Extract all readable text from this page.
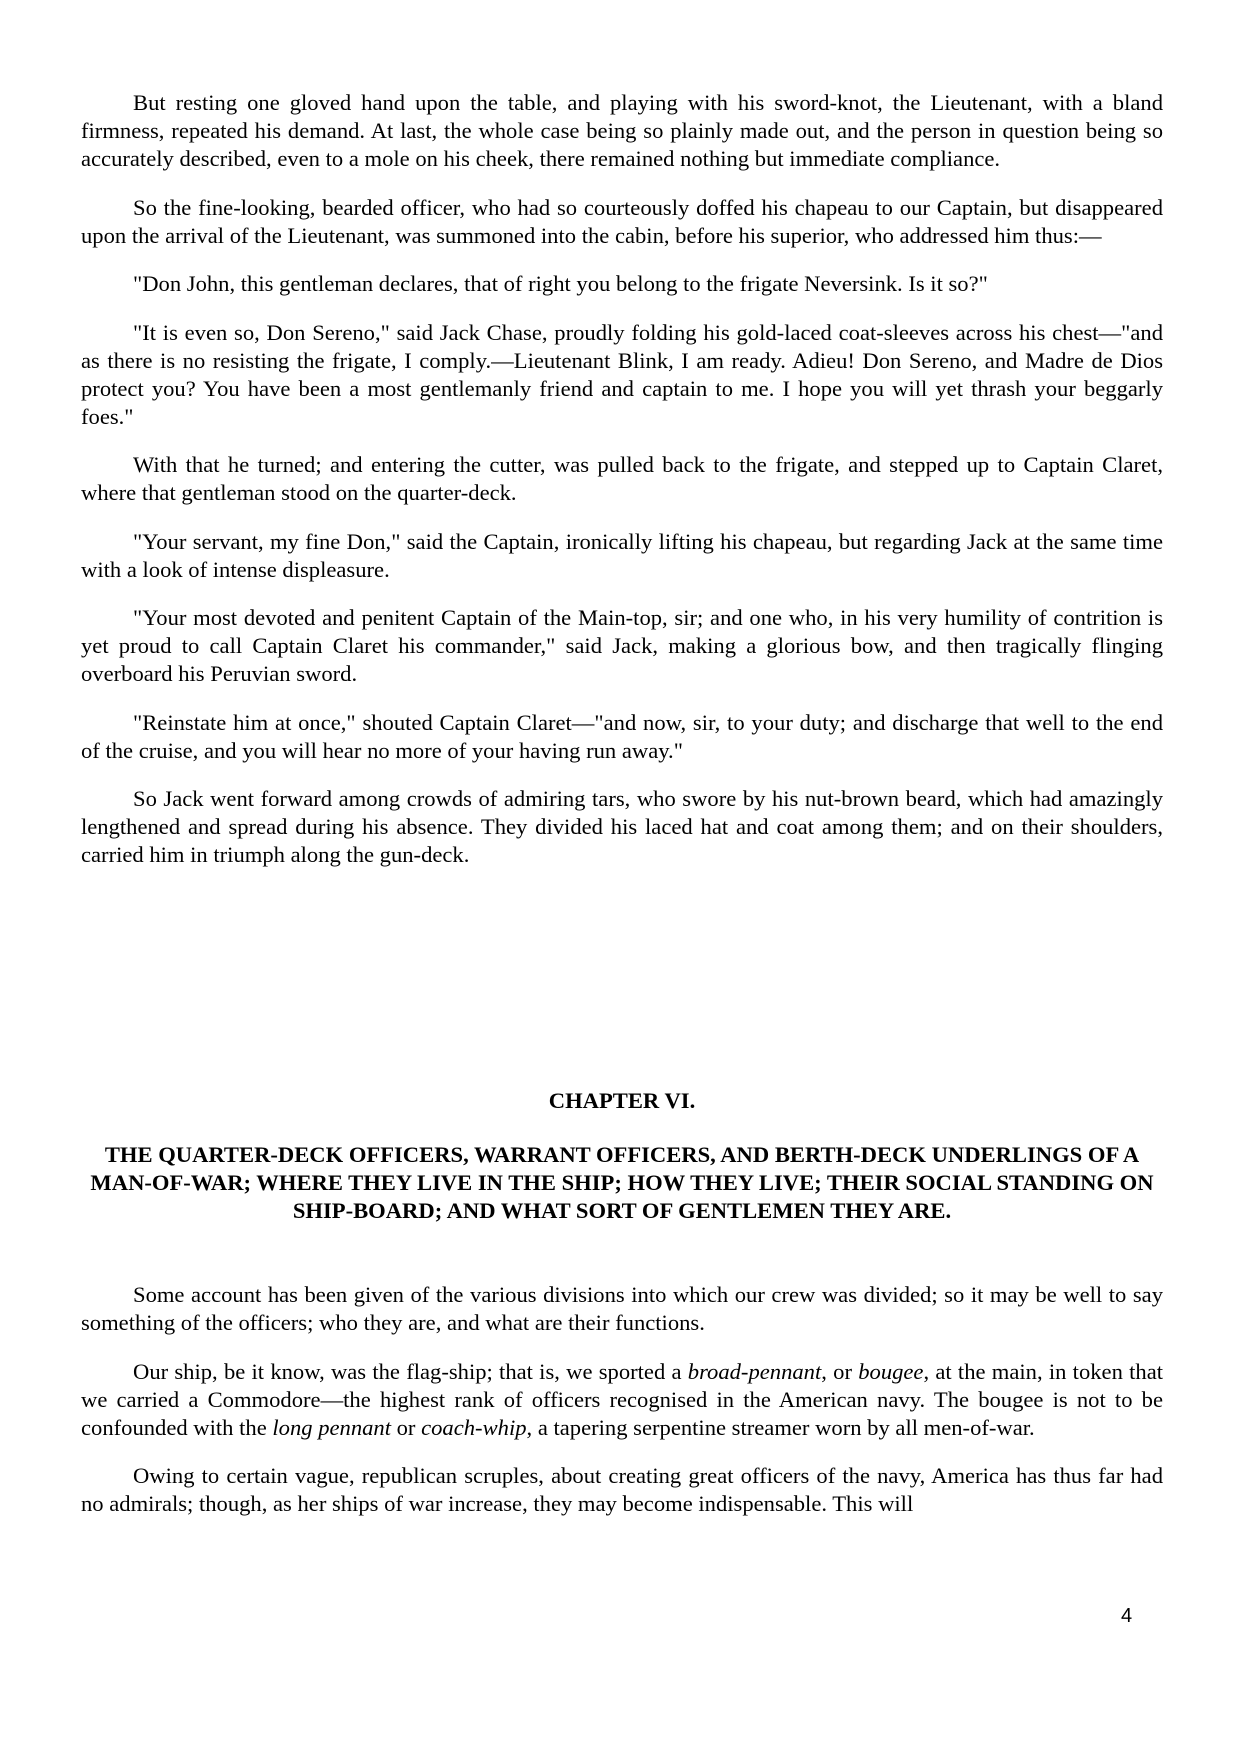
But resting one gloved hand upon the table, and playing with his sword-knot, the Lieutenant, with a bland firmness, repeated his demand. At last, the whole case being so plainly made out, and the person in question being so accurately described, even to a mole on his cheek, there remained nothing but immediate compliance.

So the fine-looking, bearded officer, who had so courteously doffed his chapeau to our Captain, but disappeared upon the arrival of the Lieutenant, was summoned into the cabin, before his superior, who addressed him thus:—

"Don John, this gentleman declares, that of right you belong to the frigate Neversink. Is it so?"

"It is even so, Don Sereno," said Jack Chase, proudly folding his gold-laced coat-sleeves across his chest—"and as there is no resisting the frigate, I comply.—Lieutenant Blink, I am ready. Adieu! Don Sereno, and Madre de Dios protect you? You have been a most gentlemanly friend and captain to me. I hope you will yet thrash your beggarly foes."

With that he turned; and entering the cutter, was pulled back to the frigate, and stepped up to Captain Claret, where that gentleman stood on the quarter-deck.

"Your servant, my fine Don," said the Captain, ironically lifting his chapeau, but regarding Jack at the same time with a look of intense displeasure.

"Your most devoted and penitent Captain of the Main-top, sir; and one who, in his very humility of contrition is yet proud to call Captain Claret his commander," said Jack, making a glorious bow, and then tragically flinging overboard his Peruvian sword.

"Reinstate him at once," shouted Captain Claret—"and now, sir, to your duty; and discharge that well to the end of the cruise, and you will hear no more of your having run away."

So Jack went forward among crowds of admiring tars, who swore by his nut-brown beard, which had amazingly lengthened and spread during his absence. They divided his laced hat and coat among them; and on their shoulders, carried him in triumph along the gun-deck.

CHAPTER VI.
THE QUARTER-DECK OFFICERS, WARRANT OFFICERS, AND BERTH-DECK UNDERLINGS OF A MAN-OF-WAR; WHERE THEY LIVE IN THE SHIP; HOW THEY LIVE; THEIR SOCIAL STANDING ON SHIP-BOARD; AND WHAT SORT OF GENTLEMEN THEY ARE.

Some account has been given of the various divisions into which our crew was divided; so it may be well to say something of the officers; who they are, and what are their functions.

Our ship, be it know, was the flag-ship; that is, we sported a broad-pennant, or bougee, at the main, in token that we carried a Commodore—the highest rank of officers recognised in the American navy. The bougee is not to be confounded with the long pennant or coach-whip, a tapering serpentine streamer worn by all men-of-war.

Owing to certain vague, republican scruples, about creating great officers of the navy, America has thus far had no admirals; though, as her ships of war increase, they may become indispensable. This will

4
